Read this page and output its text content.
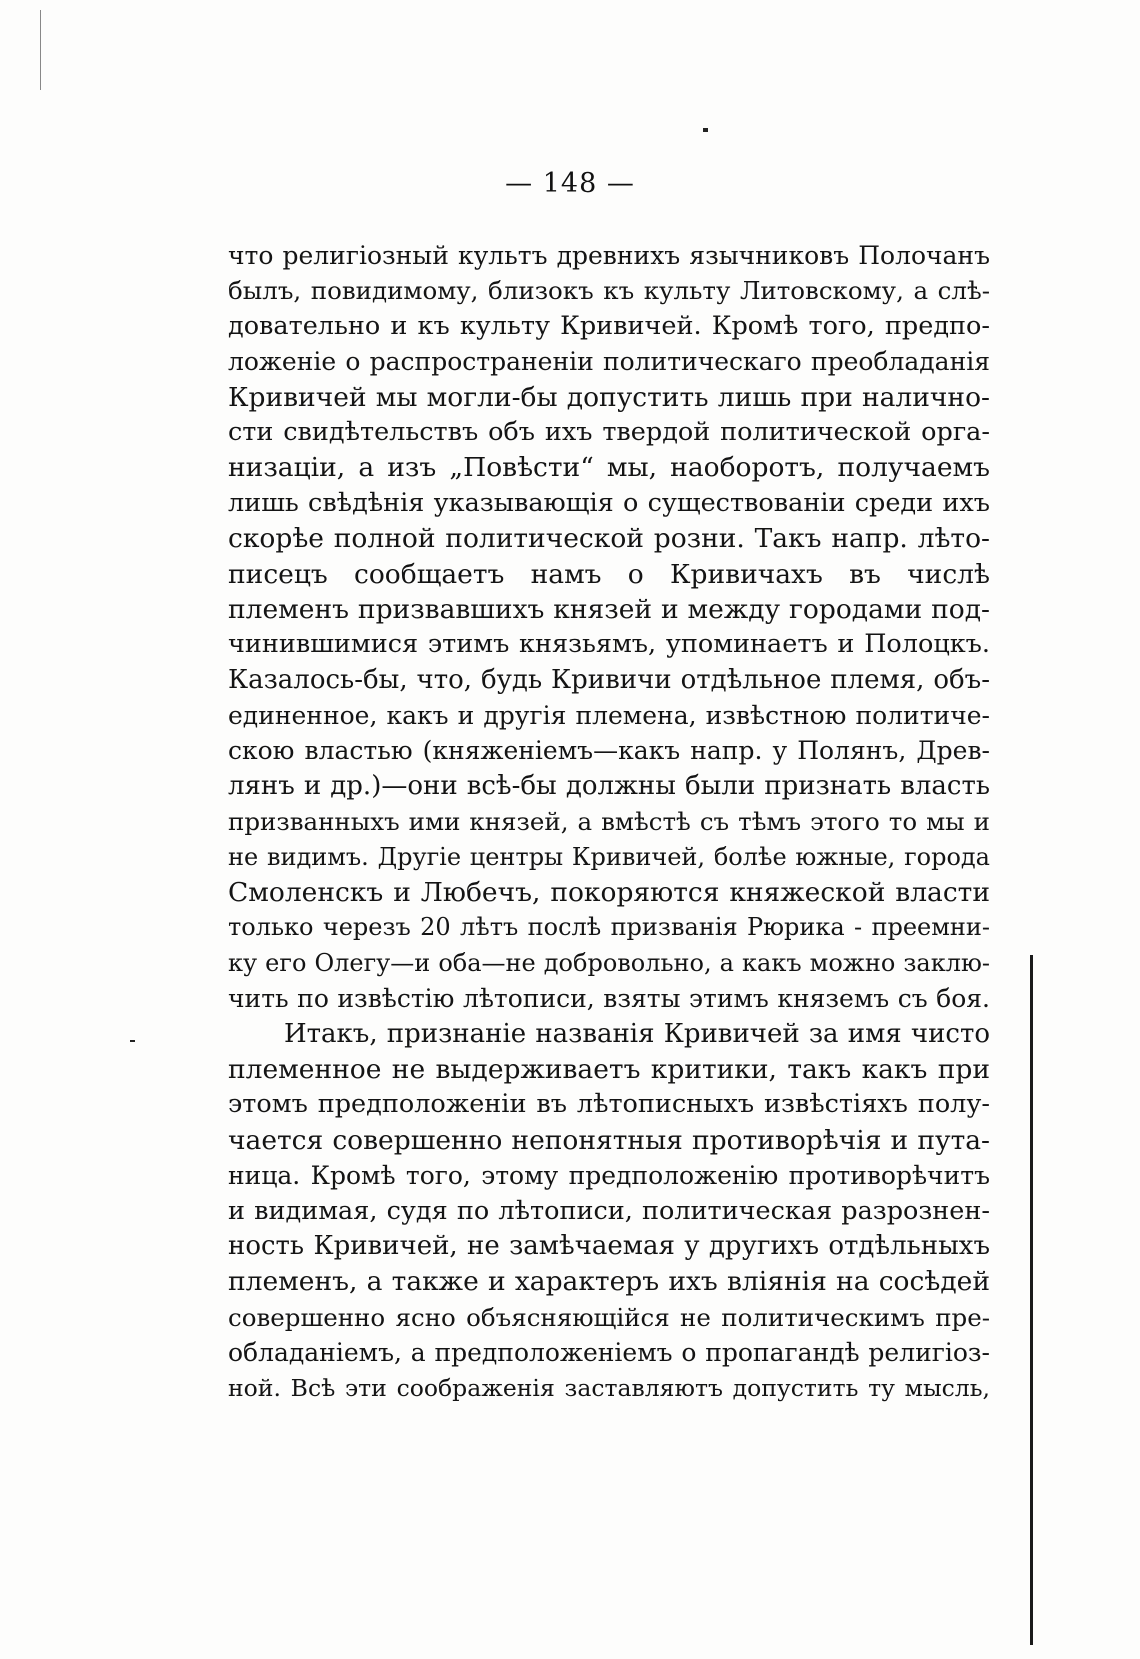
— 148 —
что религіозный культъ древнихъ язычниковъ Полочанъ
былъ, повидимому, близокъ къ культу Литовскому, а слѣ-
довательно и къ культу Кривичей. Кромѣ того, предпо-
ложеніе о распространеніи политическаго преобладанія
Кривичей мы могли-бы допустить лишь при налично-
сти свидѣтельствъ объ ихъ твердой политической орга-
низаціи, а изъ „Повѣсти“ мы, наоборотъ, получаемъ
лишь свѣдѣнія указывающія о существованіи среди ихъ
скорѣе полной политической розни. Такъ напр. лѣто-
писецъ сообщаетъ намъ о Кривичахъ въ числѣ
племенъ призвавшихъ князей и между городами под-
чинившимися этимъ князьямъ, упоминаетъ и Полоцкъ.
Казалось-бы, что, будь Кривичи отдѣльное племя, объ-
единенное, какъ и другія племена, извѣстною политиче-
скою властью (княженіемъ—какъ напр. у Полянъ, Древ-
лянъ и др.)—они всѣ-бы должны были признать власть
призванныхъ ими князей, а вмѣстѣ съ тѣмъ этого то мы и
не видимъ. Другіе центры Кривичей, болѣе южные, города
Смоленскъ и Любечъ, покоряются княжеской власти
только черезъ 20 лѣтъ послѣ призванія Рюрика - преемни-
ку его Олегу—и оба—не добровольно, а какъ можно заклю-
чить по извѣстію лѣтописи, взяты этимъ княземъ съ боя.
Итакъ, признаніе названія Кривичей за имя чисто
племенное не выдерживаетъ критики, такъ какъ при
этомъ предположеніи въ лѣтописныхъ извѣстіяхъ полу-
чается совершенно непонятныя противорѣчія и пута-
ница. Кромѣ того, этому предположенію противорѣчитъ
и видимая, судя по лѣтописи, политическая разрознен-
ность Кривичей, не замѣчаемая у другихъ отдѣльныхъ
племенъ, а также и характеръ ихъ вліянія на сосѣдей
совершенно ясно объясняющійся не политическимъ пре-
обладаніемъ, а предположеніемъ о пропагандѣ религіоз-
ной. Всѣ эти соображенія заставляютъ допустить ту мысль,
